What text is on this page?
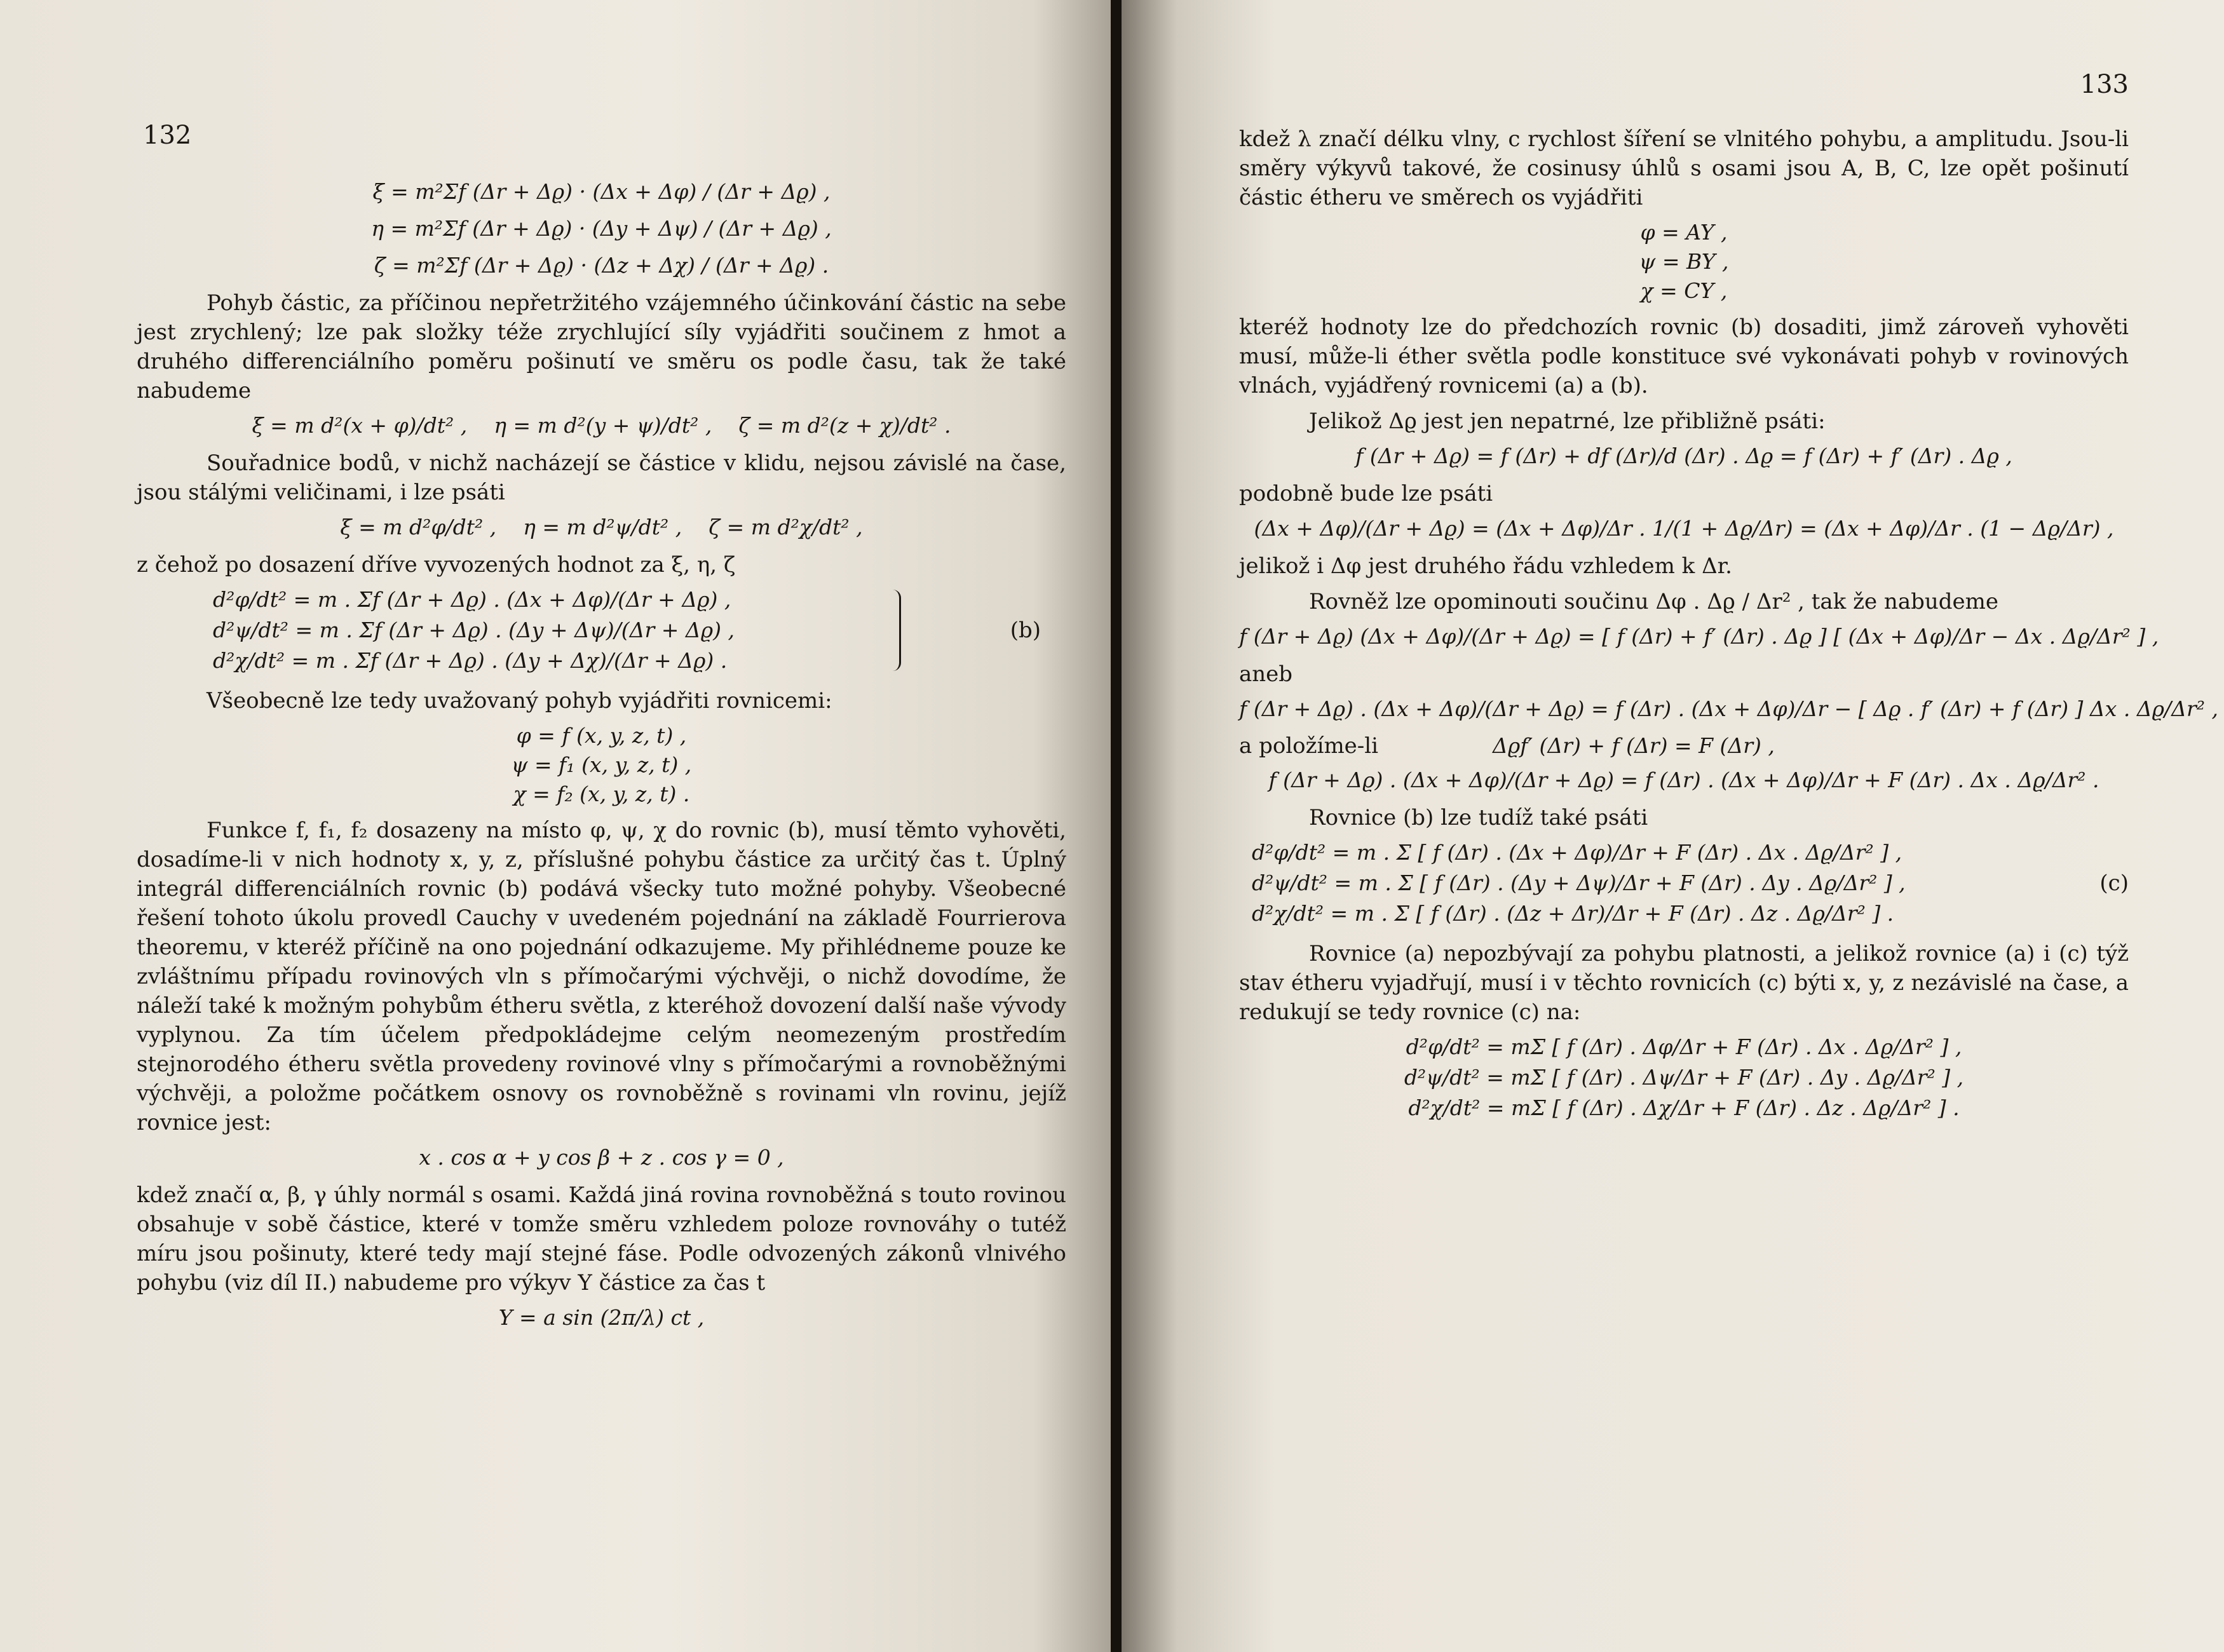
132
ξ = m²Σf (Δr + Δϱ) · (Δx + Δφ) / (Δr + Δϱ) ,
η = m²Σf (Δr + Δϱ) · (Δy + Δψ) / (Δr + Δϱ) ,
ζ = m²Σf (Δr + Δϱ) · (Δz + Δχ) / (Δr + Δϱ) .

Pohyb částic, za příčinou nepřetržitého vzájemného účinkování částic na sebe jest zrychlený; lze pak složky téže zrychlující síly vyjádřiti součinem z hmot a druhého differenciálního poměru pošinutí ve směru os podle času, tak že také nabudeme

ξ = m d²(x + φ)/dt² ,    η = m d²(y + ψ)/dt² ,    ζ = m d²(z + χ)/dt² .

Souřadnice bodů, v nichž nacházejí se částice v klidu, nejsou závislé na čase, jsou stálými veličinami, i lze psáti

ξ = m d²φ/dt² ,    η = m d²ψ/dt² ,    ζ = m d²χ/dt² ,

z čehož po dosazení dříve vyvozených hodnot za ξ, η, ζ

d²φ/dt² = m . Σf (Δr + Δϱ) . (Δx + Δφ)/(Δr + Δϱ) ,
d²ψ/dt² = m . Σf (Δr + Δϱ) . (Δy + Δψ)/(Δr + Δϱ) ,
d²χ/dt² = m . Σf (Δr + Δϱ) . (Δy + Δχ)/(Δr + Δϱ) .
(b)

Všeobecně lze tedy uvažovaný pohyb vyjádřiti rovnicemi:

φ = f (x, y, z, t) ,
ψ = f₁ (x, y, z, t) ,
χ = f₂ (x, y, z, t) .

Funkce f, f₁, f₂ dosazeny na místo φ, ψ, χ do rovnic (b), musí těmto vyhověti, dosadíme-li v nich hodnoty x, y, z, příslušné pohybu částice za určitý čas t. Úplný integrál differenciálních rovnic (b) podává všecky tuto možné pohyby. Všeobecné řešení tohoto úkolu provedl Cauchy v uvedeném pojednání na základě Fourrierova theoremu, v kteréž příčině na ono pojednání odkazujeme. My přihlédneme pouze ke zvláštnímu případu rovinových vln s přímočarými výchvěji, o nichž dovodíme, že náleží také k možným pohybům étheru světla, z kteréhož dovození další naše vývody vyplynou. Za tím účelem předpokládejme celým neomezeným prostředím stejnorodého étheru světla provedeny rovinové vlny s přímočarými a rovnoběžnými výchvěji, a položme počátkem osnovy os rovnoběžně s rovinami vln rovinu, jejíž rovnice jest:

x . cos α + y cos β + z . cos γ = 0 ,

kdež značí α, β, γ úhly normál s osami. Každá jiná rovina rovnoběžná s touto rovinou obsahuje v sobě částice, které v tomže směru vzhledem poloze rovnováhy o tutéž míru jsou pošinuty, které tedy mají stejné fáse. Podle odvozených zákonů vlnivého pohybu (viz díl II.) nabudeme pro výkyv Y částice za čas t

Y = a sin (2π/λ) ct ,
133

kdež λ značí délku vlny, c rychlost šíření se vlnitého pohybu, a amplitudu. Jsou-li směry výkyvů takové, že cosinusy úhlů s osami jsou A, B, C, lze opět pošinutí částic étheru ve směrech os vyjádřiti

φ = AY ,
ψ = BY ,
χ = CY ,

kteréž hodnoty lze do předchozích rovnic (b) dosaditi, jimž zároveň vyhověti musí, může-li éther světla podle konstituce své vykonávati pohyb v rovinových vlnách, vyjádřený rovnicemi (a) a (b).

Jelikož Δϱ jest jen nepatrné, lze přibližně psáti:

f (Δr + Δϱ) = f (Δr) + df (Δr)/d (Δr) . Δϱ = f (Δr) + f′ (Δr) . Δϱ ,

podobně bude lze psáti

(Δx + Δφ)/(Δr + Δϱ) = (Δx + Δφ)/Δr . 1/(1 + Δϱ/Δr) = (Δx + Δφ)/Δr . (1 − Δϱ/Δr) ,

jelikož i Δφ jest druhého řádu vzhledem k Δr.

Rovněž lze opominouti součinu Δφ . Δϱ / Δr² , tak že nabudeme

f (Δr + Δϱ) (Δx + Δφ)/(Δr + Δϱ) = [ f (Δr) + f′ (Δr) . Δϱ ] [ (Δx + Δφ)/Δr − Δx . Δϱ/Δr² ] ,

aneb

f (Δr + Δϱ) . (Δx + Δφ)/(Δr + Δϱ) = f (Δr) . (Δx + Δφ)/Δr − [ Δϱ . f′ (Δr) + f (Δr) ] Δx . Δϱ/Δr² ,
a položíme-li	Δϱf′ (Δr) + f (Δr) = F (Δr) ,
f (Δr + Δϱ) . (Δx + Δφ)/(Δr + Δϱ) = f (Δr) . (Δx + Δφ)/Δr + F (Δr) . Δx . Δϱ/Δr² .

Rovnice (b) lze tudíž také psáti

d²φ/dt² = m . Σ [ f (Δr) . (Δx + Δφ)/Δr + F (Δr) . Δx . Δϱ/Δr² ] ,
d²ψ/dt² = m . Σ [ f (Δr) . (Δy + Δψ)/Δr + F (Δr) . Δy . Δϱ/Δr² ] ,
d²χ/dt² = m . Σ [ f (Δr) . (Δz + Δr)/Δr + F (Δr) . Δz . Δϱ/Δr² ] .
(c)

Rovnice (a) nepozbývají za pohybu platnosti, a jelikož rovnice (a) i (c) týž stav étheru vyjadřují, musí i v těchto rovnicích (c) býti x, y, z nezávislé na čase, a redukují se tedy rovnice (c) na:

d²φ/dt² = mΣ [ f (Δr) . Δφ/Δr + F (Δr) . Δx . Δϱ/Δr² ] ,
d²ψ/dt² = mΣ [ f (Δr) . Δψ/Δr + F (Δr) . Δy . Δϱ/Δr² ] ,
d²χ/dt² = mΣ [ f (Δr) . Δχ/Δr + F (Δr) . Δz . Δϱ/Δr² ] .
